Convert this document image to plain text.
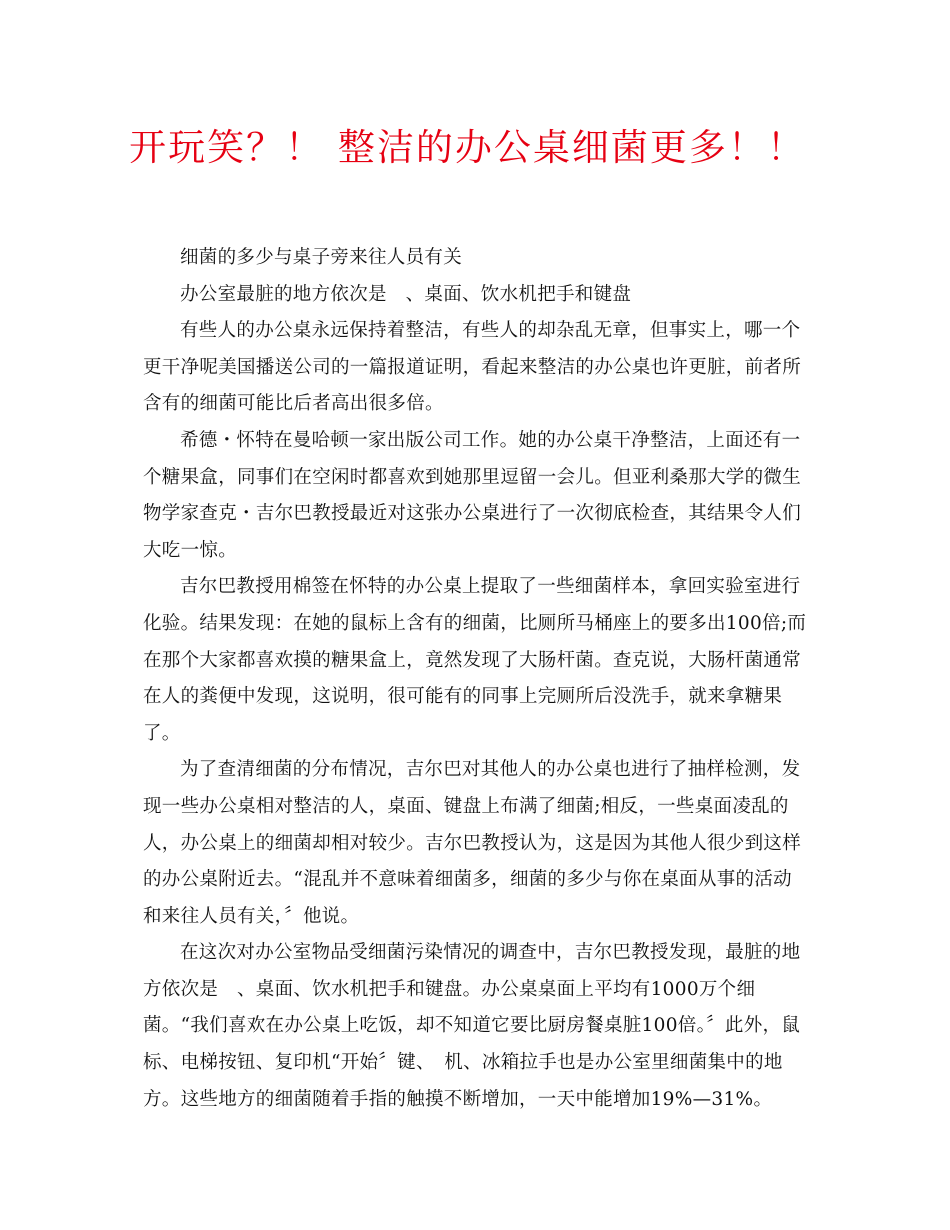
开玩笑？！ 整洁的办公桌细菌更多！！

细菌的多少与桌子旁来往人员有关

办公室最脏的地方依次是　、桌面、饮水机把手和键盘

有些人的办公桌永远保持着整洁，有些人的却杂乱无章，但事实上，哪一个更干净呢美国播送公司的一篇报道证明，看起来整洁的办公桌也许更脏，前者所含有的细菌可能比后者高出很多倍。

希德・怀特在曼哈顿一家出版公司工作。她的办公桌干净整洁，上面还有一个糖果盒，同事们在空闲时都喜欢到她那里逗留一会儿。但亚利桑那大学的微生物学家查克・吉尔巴教授最近对这张办公桌进行了一次彻底检查，其结果令人们大吃一惊。

吉尔巴教授用棉签在怀特的办公桌上提取了一些细菌样本，拿回实验室进行化验。结果发现：在她的鼠标上含有的细菌，比厕所马桶座上的要多出100倍;而在那个大家都喜欢摸的糖果盒上，竟然发现了大肠杆菌。查克说，大肠杆菌通常在人的粪便中发现，这说明，很可能有的同事上完厕所后没洗手，就来拿糖果了。

为了查清细菌的分布情况，吉尔巴对其他人的办公桌也进行了抽样检测，发现一些办公桌相对整洁的人，桌面、键盘上布满了细菌;相反，一些桌面凌乱的人，办公桌上的细菌却相对较少。吉尔巴教授认为，这是因为其他人很少到这样的办公桌附近去。“混乱并不意味着细菌多，细菌的多少与你在桌面从事的活动和来往人员有关，〞他说。

在这次对办公室物品受细菌污染情况的调查中，吉尔巴教授发现，最脏的地方依次是　、桌面、饮水机把手和键盘。办公桌桌面上平均有1000万个细菌。“我们喜欢在办公桌上吃饭，却不知道它要比厨房餐桌脏100倍。〞此外，鼠标、电梯按钮、复印机“开始〞键、　机、冰箱拉手也是办公室里细菌集中的地方。这些地方的细菌随着手指的触摸不断增加，一天中能增加19%—31%。
